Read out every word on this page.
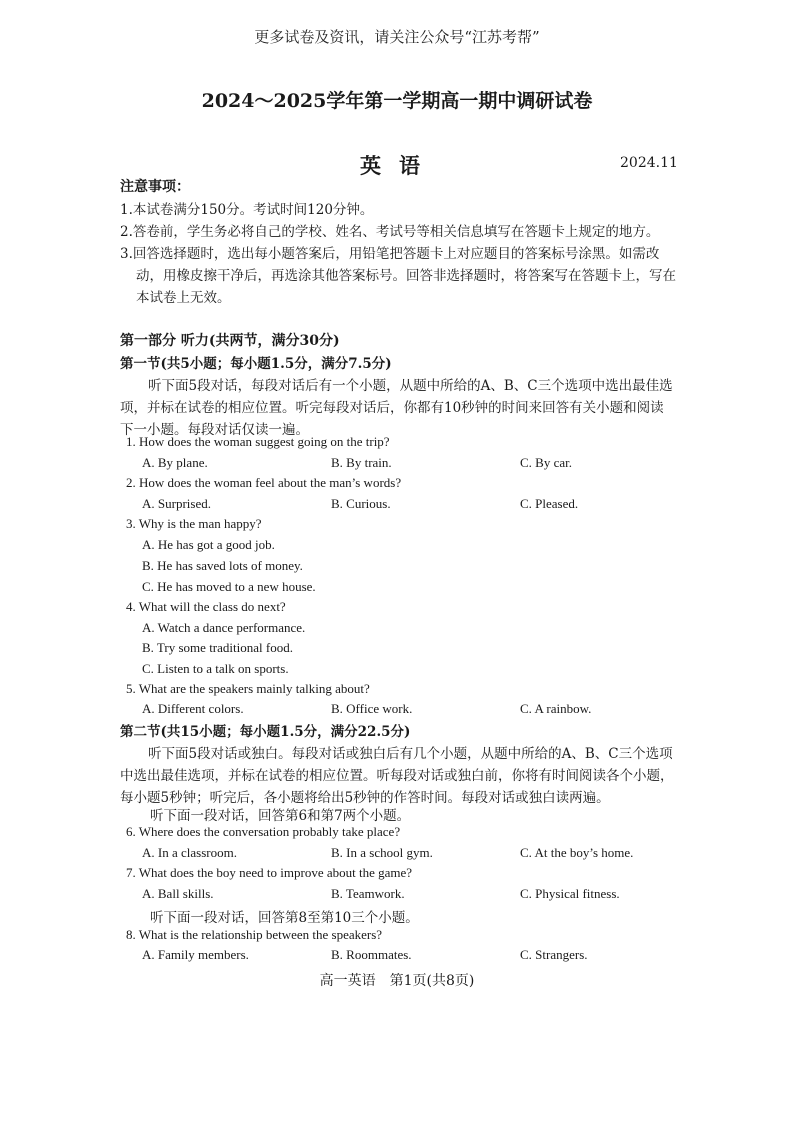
更多试卷及资讯，请关注公众号“江苏考帮”
2024～2025学年第一学期高一期中调研试卷
英语	2024.11
注意事项：
1.本试卷满分150分。考试时间120分钟。
2.答卷前，学生务必将自己的学校、姓名、考试号等相关信息填写在答题卡上规定的地方。
3.回答选择题时，选出每小题答案后，用铅笔把答题卡上对应题目的答案标号涂黑。如需改
动，用橡皮擦干净后，再选涂其他答案标号。回答非选择题时，将答案写在答题卡上，写在
本试卷上无效。
第一部分 听力(共两节，满分30分)
第一节(共5小题；每小题1.5分，满分7.5分)
听下面5段对话，每段对话后有一个小题，从题中所给的A、B、C三个选项中选出最佳选
项，并标在试卷的相应位置。听完每段对话后，你都有10秒钟的时间来回答有关小题和阅读
下一小题。每段对话仅读一遍。
1. How does the woman suggest going on the trip?
A. By plane.	B. By train.	C. By car.
2. How does the woman feel about the man’s words?
A. Surprised.	B. Curious.	C. Pleased.
3. Why is the man happy?
A. He has got a good job.
B. He has saved lots of money.
C. He has moved to a new house.
4. What will the class do next?
A. Watch a dance performance.
B. Try some traditional food.
C. Listen to a talk on sports.
5. What are the speakers mainly talking about?
A. Different colors.	B. Office work.	C. A rainbow.
第二节(共15小题；每小题1.5分，满分22.5分)
听下面5段对话或独白。每段对话或独白后有几个小题，从题中所给的A、B、C三个选项
中选出最佳选项，并标在试卷的相应位置。听每段对话或独白前，你将有时间阅读各个小题，
每小题5秒钟；听完后，各小题将给出5秒钟的作答时间。每段对话或独白读两遍。
听下面一段对话，回答第6和第7两个小题。
6. Where does the conversation probably take place?
A. In a classroom.	B. In a school gym.	C. At the boy’s home.
7. What does the boy need to improve about the game?
A. Ball skills.	B. Teamwork.	C. Physical fitness.
听下面一段对话，回答第8至第10三个小题。
8. What is the relationship between the speakers?
A. Family members.	B. Roommates.	C. Strangers.
高一英语　第1页(共8页)
